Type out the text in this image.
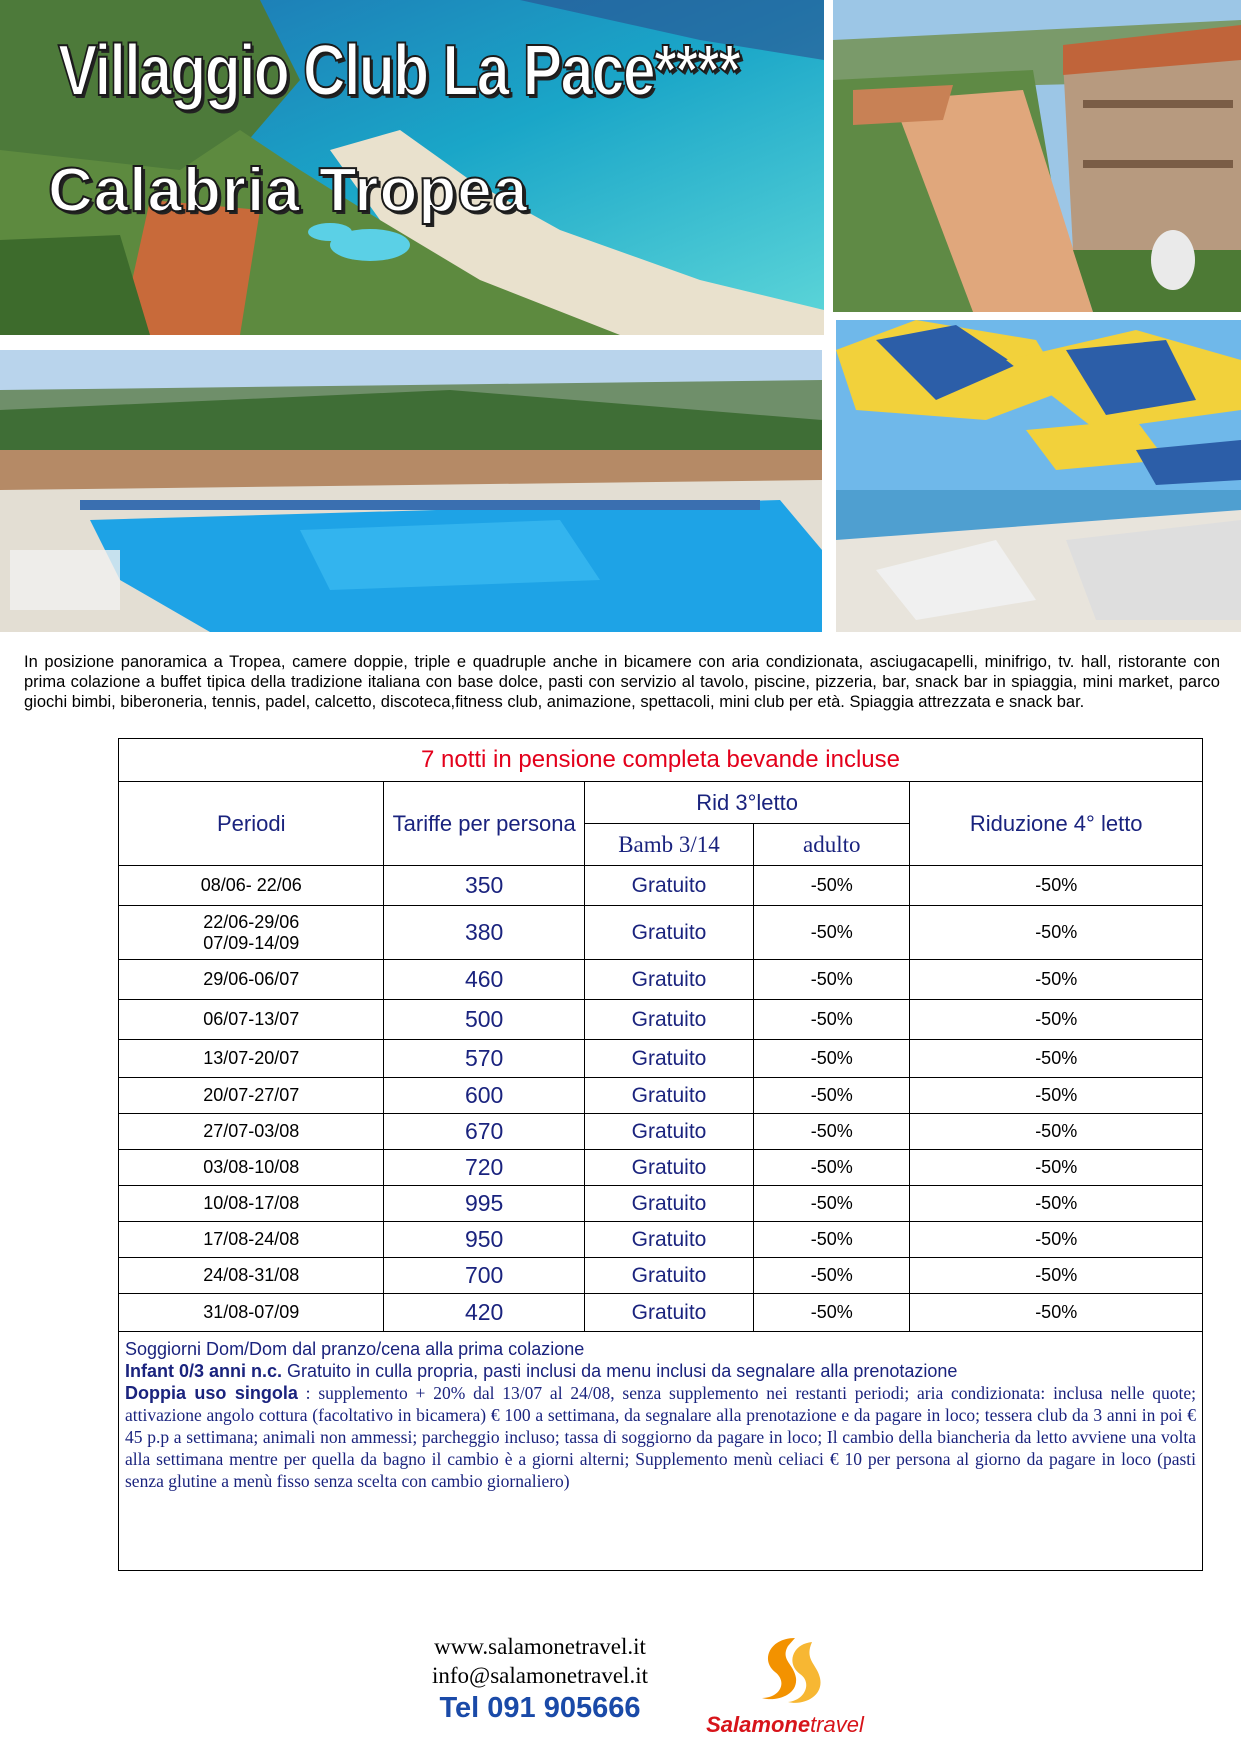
Villaggio Club La Pace****
Calabria Tropea
In posizione panoramica a Tropea, camere doppie, triple e quadruple anche in bicamere con aria condizionata, asciugacapelli, minifrigo, tv. hall, ristorante con prima colazione a buffet tipica della tradizione italiana con base dolce, pasti con servizio al tavolo, piscine, pizzeria, bar, snack bar in spiaggia, mini market, parco giochi bimbi, biberoneria, tennis, padel, calcetto, discoteca,fitness club, animazione, spettacoli, mini club per età. Spiaggia attrezzata e snack bar.
7 notti in pensione completa bevande incluse				
Periodi	Tariffe per persona	Rid 3°letto		Riduzione 4° letto
		Bamb 3/14	adulto	

08/06- 22/06	350	Gratuito	-50%	-50%

22/06-29/06
07/09-14/09	380	Gratuito	-50%	-50%

29/06-06/07	460	Gratuito	-50%	-50%

06/07-13/07	500	Gratuito	-50%	-50%

13/07-20/07	570	Gratuito	-50%	-50%

20/07-27/07	600	Gratuito	-50%	-50%

27/07-03/08	670	Gratuito	-50%	-50%

03/08-10/08	720	Gratuito	-50%	-50%

10/08-17/08	995	Gratuito	-50%	-50%

17/08-24/08	950	Gratuito	-50%	-50%

24/08-31/08	700	Gratuito	-50%	-50%

31/08-07/09	420	Gratuito	-50%	-50%

Soggiorni Dom/Dom dal pranzo/cena alla prima colazione
Infant 0/3 anni n.c. Gratuito in culla propria, pasti inclusi da menu inclusi da segnalare alla prenotazione
Doppia uso singola : supplemento + 20% dal 13/07 al 24/08, senza supplemento nei restanti periodi; aria condizionata: inclusa nelle quote; attivazione angolo cottura (facoltativo in bicamera) € 100 a settimana, da segnalare alla prenotazione e da pagare in loco; tessera club da 3 anni in poi € 45 p.p a settimana; animali non ammessi; parcheggio incluso; tassa di soggiorno da pagare in loco; Il cambio della biancheria da letto avviene una volta alla settimana mentre per quella da bagno il cambio è a giorni alterni; Supplemento menù celiaci € 10 per persona al giorno da pagare in loco (pasti senza glutine a menù fisso senza scelta con cambio giornaliero)				
www.salamonetravel.it
info@salamonetravel.it
Tel 091 905666
Salamonetravel
